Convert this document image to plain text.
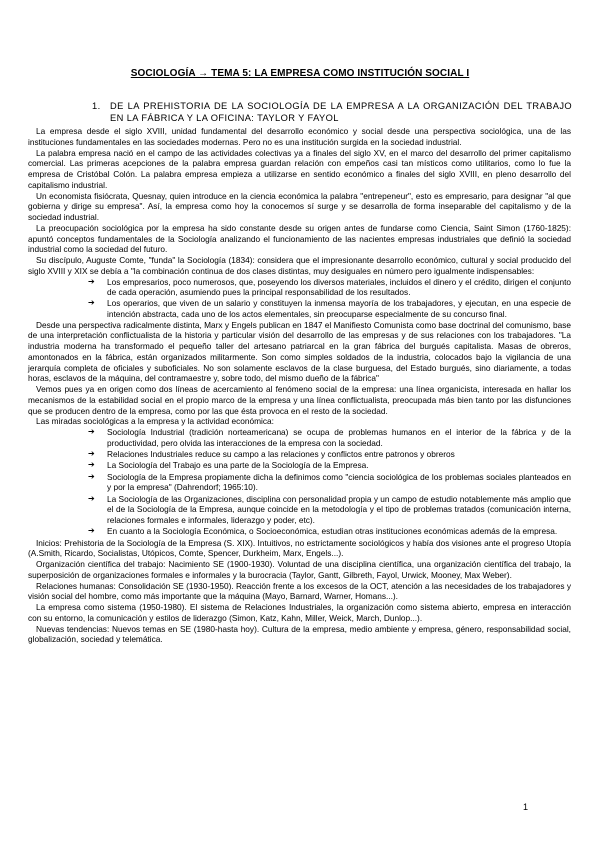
SOCIOLOGÍA → TEMA 5: LA EMPRESA COMO INSTITUCIÓN SOCIAL I
1.	DE LA PREHISTORIA DE LA SOCIOLOGÍA DE LA EMPRESA A LA ORGANIZACIÓN DEL TRABAJO EN LA FÁBRICA Y LA OFICINA: TAYLOR Y FAYOL

La empresa desde el siglo XVIII, unidad fundamental del desarrollo económico y social desde una perspectiva sociológica, una de las instituciones fundamentales en las sociedades modernas. Pero no es una institución surgida en la sociedad industrial.

La palabra empresa nació en el campo de las actividades colectivas ya a finales del siglo XV, en el marco del desarrollo del primer capitalismo comercial. Las primeras acepciones de la palabra empresa guardan relación con empeños casi tan místicos como utilitarios, como lo fue la empresa de Cristóbal Colón. La palabra empresa empieza a utilizarse en sentido económico a finales del siglo XVIII, en pleno desarrollo del capitalismo industrial.

Un economista fisiócrata, Quesnay, quien introduce en la ciencia económica la palabra "entrepeneur", esto es empresario, para designar "al que gobierna y dirige su empresa". Así, la empresa como hoy la conocemos sí surge y se desarrolla de forma inseparable del capitalismo y de la sociedad industrial.

La preocupación sociológica por la empresa ha sido constante desde su origen antes de fundarse como Ciencia, Saint Simon (1760-1825): apuntó conceptos fundamentales de la Sociología analizando el funcionamiento de las nacientes empresas industriales que definió la sociedad industrial como la sociedad del futuro.

Su discípulo, Auguste Comte, "funda" la Sociología (1834): considera que el impresionante desarrollo económico, cultural y social producido del siglo XVIII y XIX se debía a "la combinación continua de dos clases distintas, muy desiguales en número pero igualmente indispensables:

➔ Los empresarios, poco numerosos, que, poseyendo los diversos materiales, incluidos el dinero y el crédito, dirigen el conjunto de cada operación, asumiendo pues la principal responsabilidad de los resultados.
➔ Los operarios, que viven de un salario y constituyen la inmensa mayoría de los trabajadores, y ejecutan, en una especie de intención abstracta, cada uno de los actos elementales, sin preocuparse especialmente de su concurso final.

Desde una perspectiva radicalmente distinta, Marx y Engels publican en 1847 el Manifiesto Comunista como base doctrinal del comunismo, base de una interpretación conflictualista de la historia y particular visión del desarrollo de las empresas y de sus relaciones con los trabajadores. "La industria moderna ha transformado el pequeño taller del artesano patriarcal en la gran fábrica del burgués capitalista. Masas de obreros, amontonados en la fábrica, están organizados militarmente. Son como simples soldados de la industria, colocados bajo la vigilancia de una jerarquía completa de oficiales y suboficiales. No son solamente esclavos de la clase burguesa, del Estado burgués, sino diariamente, a todas horas, esclavos de la máquina, del contramaestre y, sobre todo, del mismo dueño de la fábrica"

Vemos pues ya en origen como dos líneas de acercamiento al fenómeno social de la empresa: una línea organicista, interesada en hallar los mecanismos de la estabilidad social en el propio marco de la empresa y una línea conflictualista, preocupada más bien tanto por las disfunciones que se producen dentro de la empresa, como por las que ésta provoca en el resto de la sociedad.

Las miradas sociológicas a la empresa y la actividad económica:

➔ Sociología Industrial (tradición norteamericana) se ocupa de problemas humanos en el interior de la fábrica y de la productividad, pero olvida las interacciones de la empresa con la sociedad.
➔ Relaciones Industriales reduce su campo a las relaciones y conflictos entre patronos y obreros
➔ La Sociología del Trabajo es una parte de la Sociología de la Empresa.
➔ Sociología de la Empresa propiamente dicha la definimos como "ciencia sociológica de los problemas sociales planteados en y por la empresa" (Dahrendorf; 1965:10).
➔ La Sociología de las Organizaciones, disciplina con personalidad propia y un campo de estudio notablemente más amplio que el de la Sociología de la Empresa, aunque coincide en la metodología y el tipo de problemas tratados (comunicación interna, relaciones formales e informales, liderazgo y poder, etc).
➔ En cuanto a la Sociología Económica, o Socioeconómica, estudian otras instituciones económicas además de la empresa.

Inicios: Prehistoria de la Sociología de la Empresa (S. XIX). Intuitivos, no estrictamente sociológicos y había dos visiones ante el progreso Utopía (A.Smith, Ricardo, Socialistas, Utópicos, Comte, Spencer, Durkheim, Marx, Engels...).

Organización científica del trabajo: Nacimiento SE (1900-1930). Voluntad de una disciplina científica, una organización científica del trabajo, la superposición de organizaciones formales e informales y la burocracia (Taylor, Gantt, Gilbreth, Fayol, Urwick, Mooney, Max Weber).

Relaciones humanas: Consolidación SE (1930-1950). Reacción frente a los excesos de la OCT, atención a las necesidades de los trabajadores y visión social del hombre, como más importante que la máquina (Mayo, Barnard, Warner, Homans...).

La empresa como sistema (1950-1980). El sistema de Relaciones Industriales, la organización como sistema abierto, empresa en interacción con su entorno, la comunicación y estilos de liderazgo (Simon, Katz, Kahn, Miller, Weick, March, Dunlop...).

Nuevas tendencias: Nuevos temas en SE (1980-hasta hoy). Cultura de la empresa, medio ambiente y empresa, género, responsabilidad social, globalización, sociedad y telemática.

1
